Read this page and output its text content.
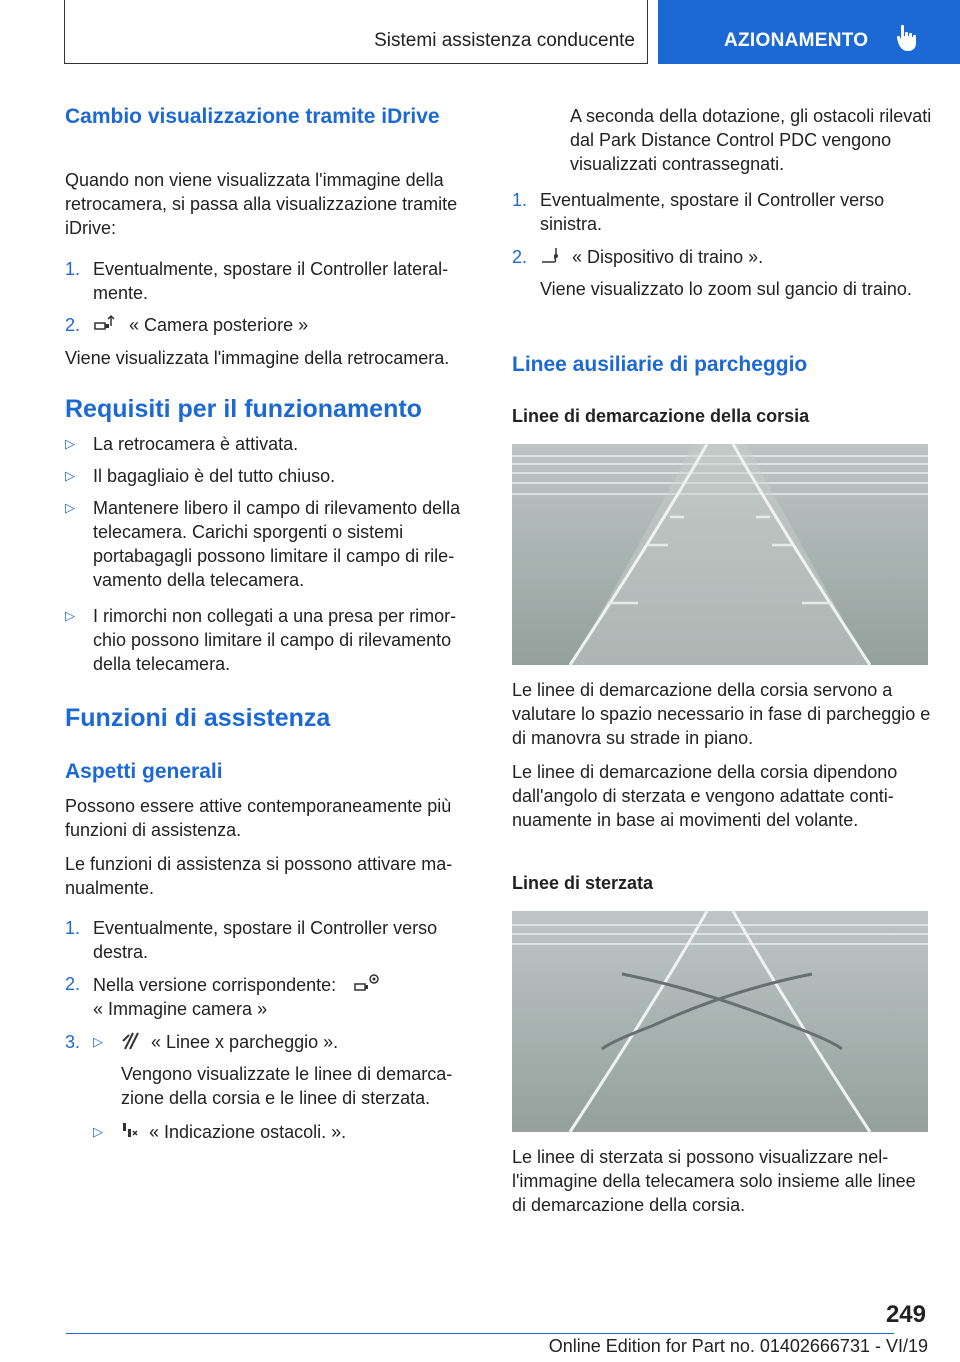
Sistemi assistenza conducente	AZIONAMENTO
Cambio visualizzazione tramite iDrive
Quando non viene visualizzata l'immagine della retrocamera, si passa alla visualizzazione tramite iDrive:
1. Eventualmente, spostare il Controller lateralmente.
2.	« Camera posteriore »
Viene visualizzata l'immagine della retrocamera.
Requisiti per il funzionamento
▷ La retrocamera è attivata.
▷ Il bagagliaio è del tutto chiuso.
▷ Mantenere libero il campo di rilevamento della telecamera. Carichi sporgenti o sistemi portabagagli possono limitare il campo di rilevamento della telecamera.
▷ I rimorchi non collegati a una presa per rimorchio possono limitare il campo di rilevamento della telecamera.
Funzioni di assistenza
Aspetti generali
Possono essere attive contemporaneamente più funzioni di assistenza.
Le funzioni di assistenza si possono attivare manualmente.
1. Eventualmente, spostare il Controller verso destra.
2. Nella versione corrispondente:
« Immagine camera »
3. ▷	« Linee x parcheggio ».
Vengono visualizzate le linee di demarcazione della corsia e le linee di sterzata.
▷	« Indicazione ostacoli. ».
A seconda della dotazione, gli ostacoli rilevati dal Park Distance Control PDC vengono visualizzati contrassegnati.
1. Eventualmente, spostare il Controller verso sinistra.
2. « Dispositivo di traino ».
Viene visualizzato lo zoom sul gancio di traino.
Linee ausiliarie di parcheggio
Linee di demarcazione della corsia
Le linee di demarcazione della corsia servono a valutare lo spazio necessario in fase di parcheggio e di manovra su strade in piano.
Le linee di demarcazione della corsia dipendono dall'angolo di sterzata e vengono adattate continuamente in base ai movimenti del volante.
Linee di sterzata
Le linee di sterzata si possono visualizzare nell'immagine della telecamera solo insieme alle linee di demarcazione della corsia.
249
Online Edition for Part no. 01402666731 - VI/19
